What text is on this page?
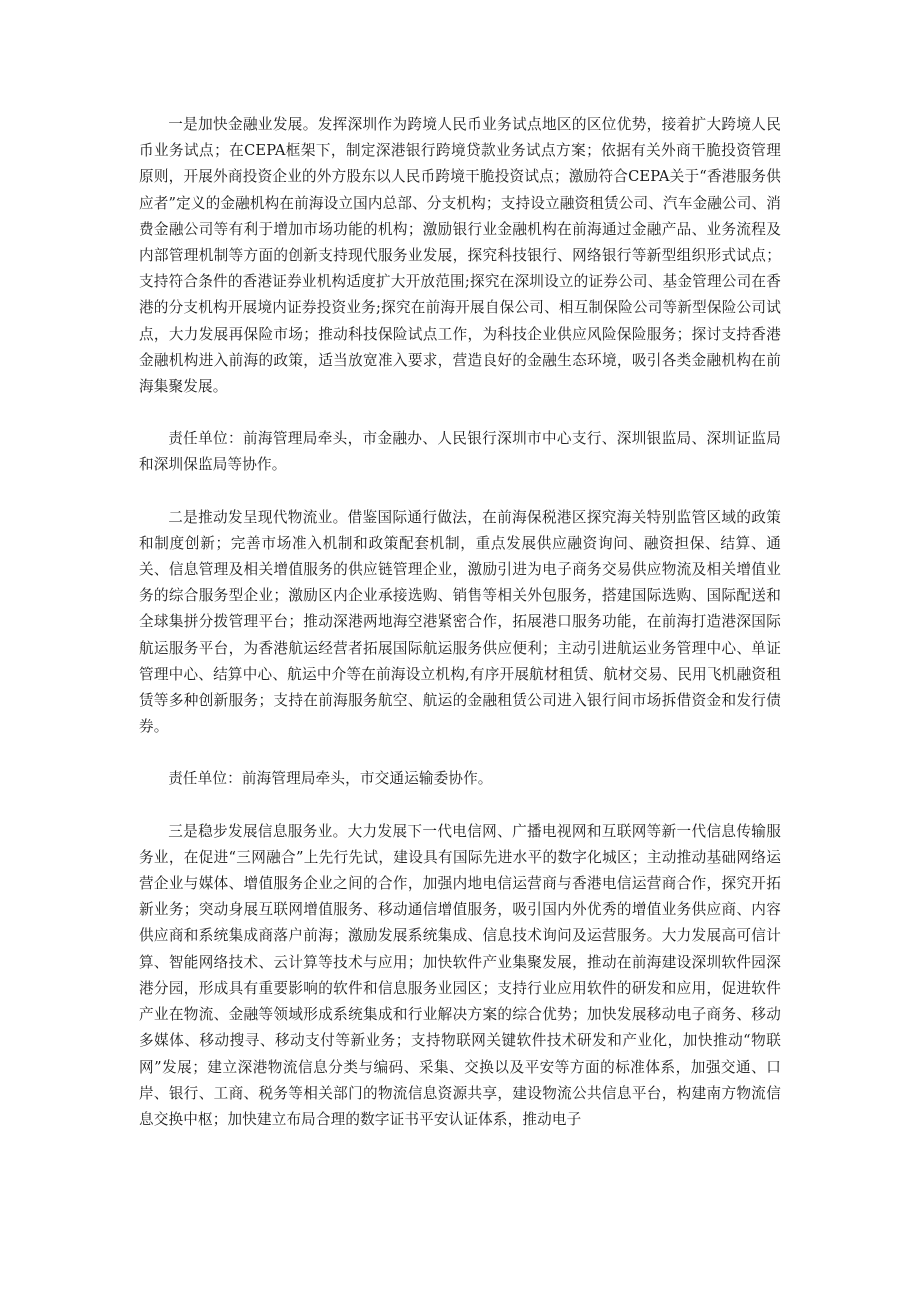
一是加快金融业发展。发挥深圳作为跨境人民币业务试点地区的区位优势，接着扩大跨境人民币业务试点；在CEPA框架下，制定深港银行跨境贷款业务试点方案；依据有关外商干脆投资管理原则，开展外商投资企业的外方股东以人民币跨境干脆投资试点；激励符合CEPA关于“香港服务供应者”定义的金融机构在前海设立国内总部、分支机构；支持设立融资租赁公司、汽车金融公司、消费金融公司等有利于增加市场功能的机构；激励银行业金融机构在前海通过金融产品、业务流程及内部管理机制等方面的创新支持现代服务业发展，探究科技银行、网络银行等新型组织形式试点；支持符合条件的香港证券业机构适度扩大开放范围;探究在深圳设立的证券公司、基金管理公司在香港的分支机构开展境内证券投资业务;探究在前海开展自保公司、相互制保险公司等新型保险公司试点，大力发展再保险市场；推动科技保险试点工作，为科技企业供应风险保险服务；探讨支持香港金融机构进入前海的政策，适当放宽准入要求，营造良好的金融生态环境，吸引各类金融机构在前海集聚发展。

责任单位：前海管理局牵头，市金融办、人民银行深圳市中心支行、深圳银监局、深圳证监局和深圳保监局等协作。

二是推动发呈现代物流业。借鉴国际通行做法，在前海保税港区探究海关特别监管区域的政策和制度创新；完善市场准入机制和政策配套机制，重点发展供应融资询问、融资担保、结算、通关、信息管理及相关增值服务的供应链管理企业，激励引进为电子商务交易供应物流及相关增值业务的综合服务型企业；激励区内企业承接选购、销售等相关外包服务，搭建国际选购、国际配送和全球集拼分拨管理平台；推动深港两地海空港紧密合作，拓展港口服务功能，在前海打造港深国际航运服务平台，为香港航运经营者拓展国际航运服务供应便利；主动引进航运业务管理中心、单证管理中心、结算中心、航运中介等在前海设立机构,有序开展航材租赁、航材交易、民用飞机融资租赁等多种创新服务；支持在前海服务航空、航运的金融租赁公司进入银行间市场拆借资金和发行债券。

责任单位：前海管理局牵头，市交通运输委协作。

三是稳步发展信息服务业。大力发展下一代电信网、广播电视网和互联网等新一代信息传输服务业，在促进“三网融合”上先行先试，建设具有国际先进水平的数字化城区；主动推动基础网络运营企业与媒体、增值服务企业之间的合作，加强内地电信运营商与香港电信运营商合作，探究开拓新业务；突动身展互联网增值服务、移动通信增值服务，吸引国内外优秀的增值业务供应商、内容供应商和系统集成商落户前海；激励发展系统集成、信息技术询问及运营服务。大力发展高可信计算、智能网络技术、云计算等技术与应用；加快软件产业集聚发展，推动在前海建设深圳软件园深港分园，形成具有重要影响的软件和信息服务业园区；支持行业应用软件的研发和应用，促进软件产业在物流、金融等领域形成系统集成和行业解决方案的综合优势；加快发展移动电子商务、移动多媒体、移动搜寻、移动支付等新业务；支持物联网关键软件技术研发和产业化，加快推动“物联网”发展；建立深港物流信息分类与编码、采集、交换以及平安等方面的标准体系，加强交通、口岸、银行、工商、税务等相关部门的物流信息资源共享，建设物流公共信息平台，构建南方物流信息交换中枢；加快建立布局合理的数字证书平安认证体系，推动电子
